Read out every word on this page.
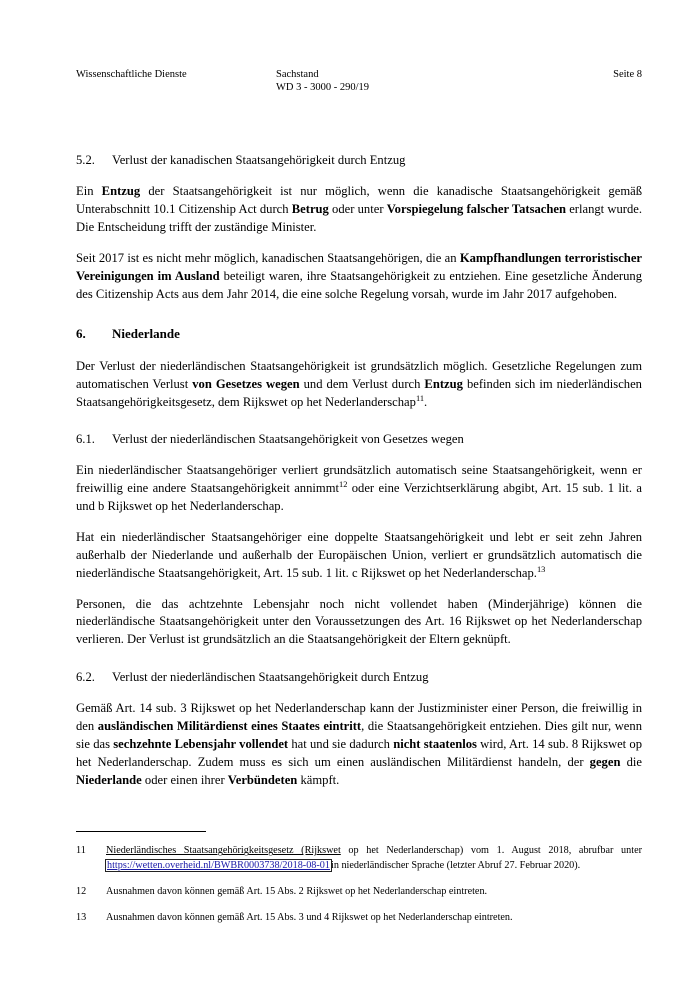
Wissenschaftliche Dienste	Sachstand
WD 3 - 3000 - 290/19
Seite 8
5.2.	Verlust der kanadischen Staatsangehörigkeit durch Entzug

Ein Entzug der Staatsangehörigkeit ist nur möglich, wenn die kanadische Staatsangehörigkeit gemäß Unterabschnitt 10.1 Citizenship Act durch Betrug oder unter Vorspiegelung falscher Tatsachen erlangt wurde. Die Entscheidung trifft der zuständige Minister.

Seit 2017 ist es nicht mehr möglich, kanadischen Staatsangehörigen, die an Kampfhandlungen terroristischer Vereinigungen im Ausland beteiligt waren, ihre Staatsangehörigkeit zu entziehen. Eine gesetzliche Änderung des Citizenship Acts aus dem Jahr 2014, die eine solche Regelung vorsah, wurde im Jahr 2017 aufgehoben.

6.	Niederlande

Der Verlust der niederländischen Staatsangehörigkeit ist grundsätzlich möglich. Gesetzliche Regelungen zum automatischen Verlust von Gesetzes wegen und dem Verlust durch Entzug befinden sich im niederländischen Staatsangehörigkeitsgesetz, dem Rijkswet op het Nederlanderschap$^{11}$.

6.1.	Verlust der niederländischen Staatsangehörigkeit von Gesetzes wegen

Ein niederländischer Staatsangehöriger verliert grundsätzlich automatisch seine Staatsangehörigkeit, wenn er freiwillig eine andere Staatsangehörigkeit annimmt$^{12}$ oder eine Verzichtserklärung abgibt, Art. 15 sub. 1 lit. a und b Rijkswet op het Nederlanderschap.

Hat ein niederländischer Staatsangehöriger eine doppelte Staatsangehörigkeit und lebt er seit zehn Jahren außerhalb der Niederlande und außerhalb der Europäischen Union, verliert er grundsätzlich automatisch die niederländische Staatsangehörigkeit, Art. 15 sub. 1 lit. c Rijkswet op het Nederlanderschap.$^{13}$

Personen, die das achtzehnte Lebensjahr noch nicht vollendet haben (Minderjährige) können die niederländische Staatsangehörigkeit unter den Voraussetzungen des Art. 16 Rijkswet op het Nederlanderschap verlieren. Der Verlust ist grundsätzlich an die Staatsangehörigkeit der Eltern geknüpft.

6.2.	Verlust der niederländischen Staatsangehörigkeit durch Entzug

Gemäß Art. 14 sub. 3 Rijkswet op het Nederlanderschap kann der Justizminister einer Person, die freiwillig in den ausländischen Militärdienst eines Staates eintritt, die Staatsangehörigkeit entziehen. Dies gilt nur, wenn sie das sechzehnte Lebensjahr vollendet hat und sie dadurch nicht staatenlos wird, Art. 14 sub. 8 Rijkswet op het Nederlanderschap. Zudem muss es sich um einen ausländischen Militärdienst handeln, der gegen die Niederlande oder einen ihrer Verbündeten kämpft.

11	Niederländisches Staatsangehörigkeitsgesetz (Rijkswet op het Nederlanderschap) vom 1. August 2018, abrufbar unter https://wetten.overheid.nl/BWBR0003738/2018-08-01in niederländischer Sprache (letzter Abruf 27. Februar 2020).
12	Ausnahmen davon können gemäß Art. 15 Abs. 2 Rijkswet op het Nederlanderschap eintreten.
13	Ausnahmen davon können gemäß Art. 15 Abs. 3 und 4 Rijkswet op het Nederlanderschap eintreten.
